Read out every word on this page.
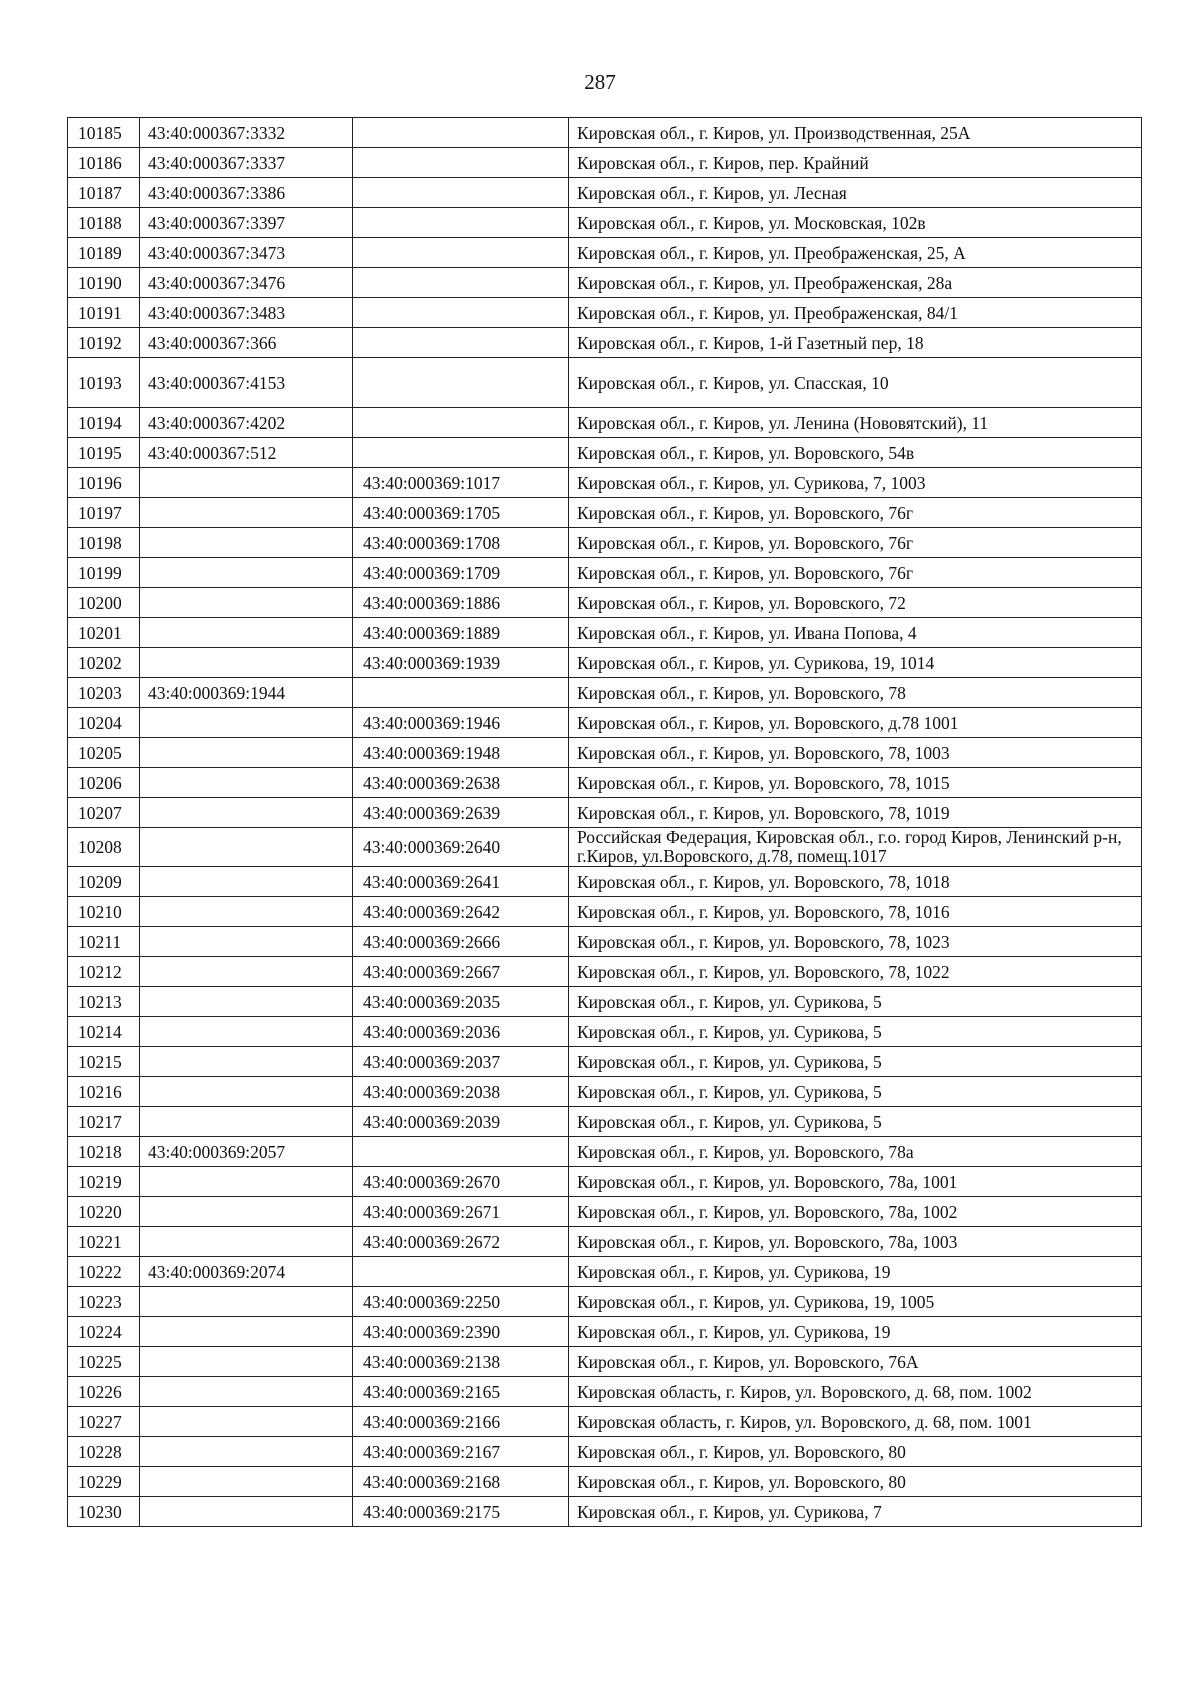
287
10185	43:40:000367:3332		Кировская обл., г. Киров, ул. Производственная, 25А
10186	43:40:000367:3337		Кировская обл., г. Киров, пер. Крайний
10187	43:40:000367:3386		Кировская обл., г. Киров, ул. Лесная
10188	43:40:000367:3397		Кировская обл., г. Киров, ул. Московская, 102в
10189	43:40:000367:3473		Кировская обл., г. Киров, ул. Преображенская, 25, А
10190	43:40:000367:3476		Кировская обл., г. Киров, ул. Преображенская, 28а
10191	43:40:000367:3483		Кировская обл., г. Киров, ул. Преображенская, 84/1
10192	43:40:000367:366		Кировская обл., г. Киров, 1-й Газетный пер, 18
10193	43:40:000367:4153		Кировская обл., г. Киров, ул. Спасская, 10
10194	43:40:000367:4202		Кировская обл., г. Киров, ул. Ленина (Нововятский), 11
10195	43:40:000367:512		Кировская обл., г. Киров, ул. Воровского, 54в
10196		43:40:000369:1017	Кировская обл., г. Киров, ул. Сурикова, 7, 1003
10197		43:40:000369:1705	Кировская обл., г. Киров, ул. Воровского, 76г
10198		43:40:000369:1708	Кировская обл., г. Киров, ул. Воровского, 76г
10199		43:40:000369:1709	Кировская обл., г. Киров, ул. Воровского, 76г
10200		43:40:000369:1886	Кировская обл., г. Киров, ул. Воровского, 72
10201		43:40:000369:1889	Кировская обл., г. Киров, ул. Ивана Попова, 4
10202		43:40:000369:1939	Кировская обл., г. Киров, ул. Сурикова, 19, 1014
10203	43:40:000369:1944		Кировская обл., г. Киров, ул. Воровского, 78
10204		43:40:000369:1946	Кировская обл., г. Киров, ул. Воровского, д.78 1001
10205		43:40:000369:1948	Кировская обл., г. Киров, ул. Воровского, 78, 1003
10206		43:40:000369:2638	Кировская обл., г. Киров, ул. Воровского, 78, 1015
10207		43:40:000369:2639	Кировская обл., г. Киров, ул. Воровского, 78, 1019
10208		43:40:000369:2640	Российская Федерация, Кировская обл., г.о. город Киров, Ленинский р-н, г.Киров, ул.Воровского, д.78, помещ.1017
10209		43:40:000369:2641	Кировская обл., г. Киров, ул. Воровского, 78, 1018
10210		43:40:000369:2642	Кировская обл., г. Киров, ул. Воровского, 78, 1016
10211		43:40:000369:2666	Кировская обл., г. Киров, ул. Воровского, 78, 1023
10212		43:40:000369:2667	Кировская обл., г. Киров, ул. Воровского, 78, 1022
10213		43:40:000369:2035	Кировская обл., г. Киров, ул. Сурикова, 5
10214		43:40:000369:2036	Кировская обл., г. Киров, ул. Сурикова, 5
10215		43:40:000369:2037	Кировская обл., г. Киров, ул. Сурикова, 5
10216		43:40:000369:2038	Кировская обл., г. Киров, ул. Сурикова, 5
10217		43:40:000369:2039	Кировская обл., г. Киров, ул. Сурикова, 5
10218	43:40:000369:2057		Кировская обл., г. Киров, ул. Воровского, 78а
10219		43:40:000369:2670	Кировская обл., г. Киров, ул. Воровского, 78а, 1001
10220		43:40:000369:2671	Кировская обл., г. Киров, ул. Воровского, 78а, 1002
10221		43:40:000369:2672	Кировская обл., г. Киров, ул. Воровского, 78а, 1003
10222	43:40:000369:2074		Кировская обл., г. Киров, ул. Сурикова, 19
10223		43:40:000369:2250	Кировская обл., г. Киров, ул. Сурикова, 19, 1005
10224		43:40:000369:2390	Кировская обл., г. Киров, ул. Сурикова, 19
10225		43:40:000369:2138	Кировская обл., г. Киров, ул. Воровского, 76А
10226		43:40:000369:2165	Кировская область, г. Киров, ул. Воровского, д. 68, пом. 1002
10227		43:40:000369:2166	Кировская область, г. Киров, ул. Воровского, д. 68, пом. 1001
10228		43:40:000369:2167	Кировская обл., г. Киров, ул. Воровского, 80
10229		43:40:000369:2168	Кировская обл., г. Киров, ул. Воровского, 80
10230		43:40:000369:2175	Кировская обл., г. Киров, ул. Сурикова, 7
